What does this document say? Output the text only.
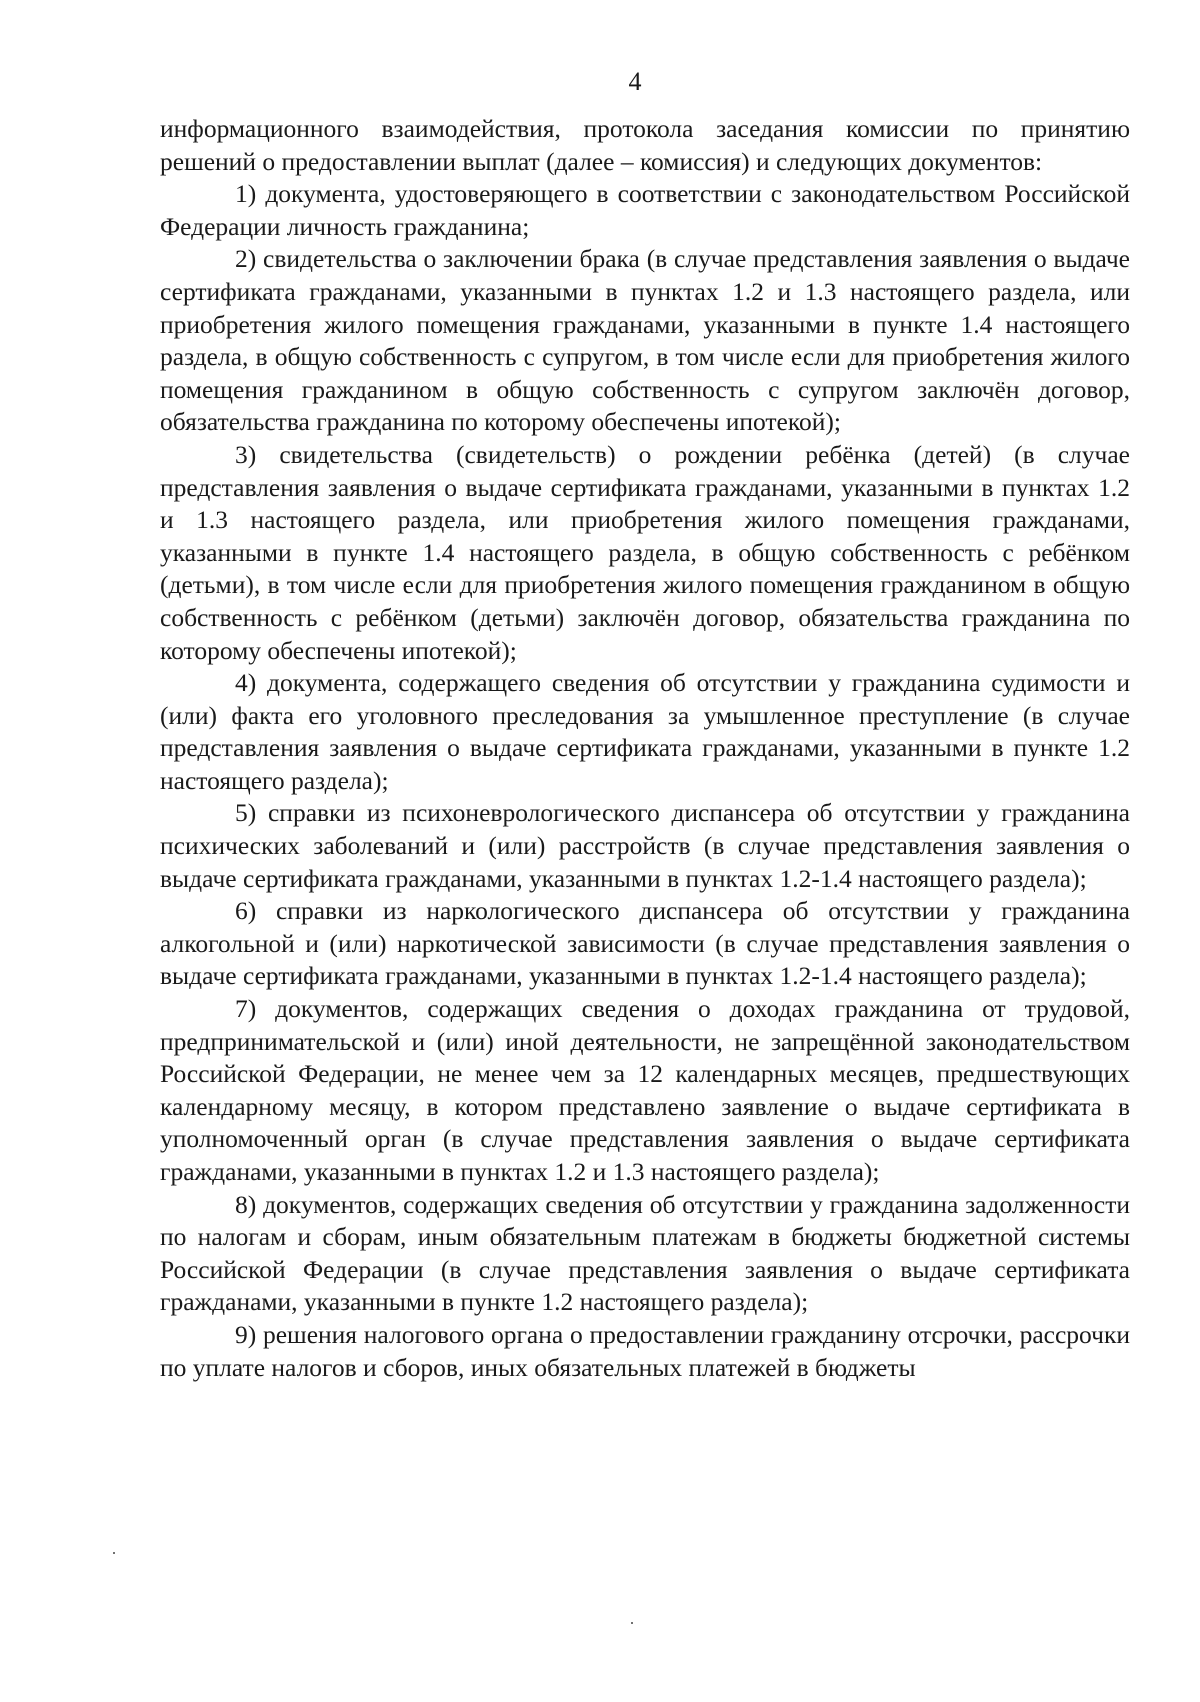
4

информационного взаимодействия, протокола заседания комиссии по принятию решений о предоставлении выплат (далее – комиссия) и следующих документов:

1) документа, удостоверяющего в соответствии с законодательством Российской Федерации личность гражданина;

2) свидетельства о заключении брака (в случае представления заявления о выдаче сертификата гражданами, указанными в пунктах 1.2 и 1.3 настоящего раздела, или приобретения жилого помещения гражданами, указанными в пункте 1.4 настоящего раздела, в общую собственность с супругом, в том числе если для приобретения жилого помещения гражданином в общую собственность с супругом заключён договор, обязательства гражданина по которому обеспечены ипотекой);

3) свидетельства (свидетельств) о рождении ребёнка (детей) (в случае представления заявления о выдаче сертификата гражданами, указанными в пунктах 1.2 и 1.3 настоящего раздела, или приобретения жилого помещения гражданами, указанными в пункте 1.4 настоящего раздела, в общую собственность с ребёнком (детьми), в том числе если для приобретения жилого помещения гражданином в общую собственность с ребёнком (детьми) заключён договор, обязательства гражданина по которому обеспечены ипотекой);

4) документа, содержащего сведения об отсутствии у гражданина судимости и (или) факта его уголовного преследования за умышленное преступление (в случае представления заявления о выдаче сертификата гражданами, указанными в пункте 1.2 настоящего раздела);

5) справки из психоневрологического диспансера об отсутствии у гражданина психических заболеваний и (или) расстройств (в случае представления заявления о выдаче сертификата гражданами, указанными в пунктах 1.2-1.4 настоящего раздела);

6) справки из наркологического диспансера об отсутствии у гражданина алкогольной и (или) наркотической зависимости (в случае представления заявления о выдаче сертификата гражданами, указанными в пунктах 1.2-1.4 настоящего раздела);

7) документов, содержащих сведения о доходах гражданина от трудовой, предпринимательской и (или) иной деятельности, не запрещённой законодательством Российской Федерации, не менее чем за 12 календарных месяцев, предшествующих календарному месяцу, в котором представлено заявление о выдаче сертификата в уполномоченный орган (в случае представления заявления о выдаче сертификата гражданами, указанными в пунктах 1.2 и 1.3 настоящего раздела);

8) документов, содержащих сведения об отсутствии у гражданина задолженности по налогам и сборам, иным обязательным платежам в бюджеты бюджетной системы Российской Федерации (в случае представления заявления о выдаче сертификата гражданами, указанными в пункте 1.2 настоящего раздела);

9) решения налогового органа о предоставлении гражданину отсрочки, рассрочки по уплате налогов и сборов, иных обязательных платежей в бюджеты
